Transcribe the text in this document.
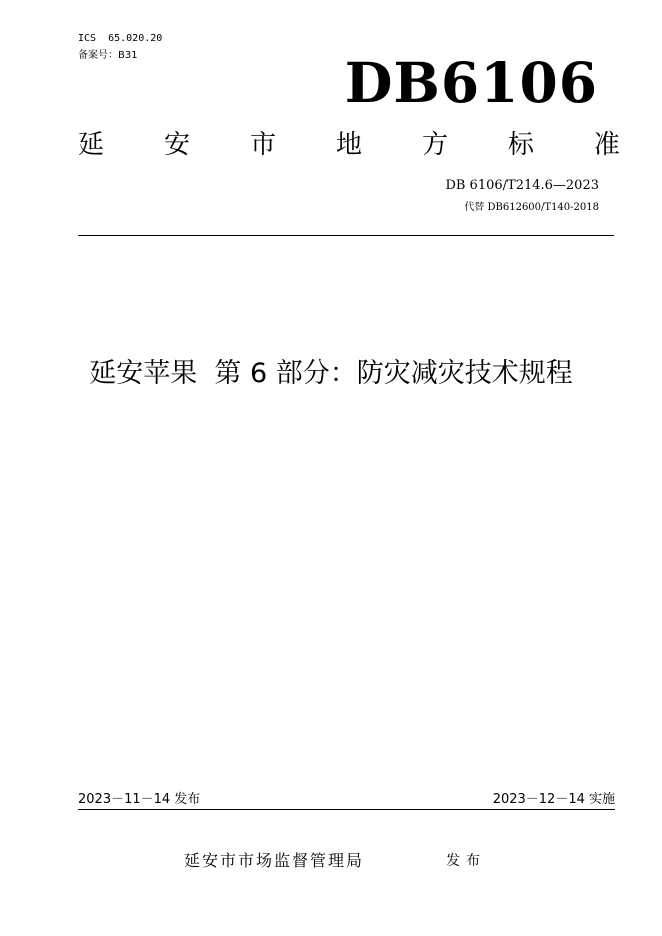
ICS  65.020.20
备案号：B31	DB6106
延 安 市 地 方 标 准
DB 6106/T214.6—2023
代替 DB612600/T140-2018
延安苹果  第 6 部分：防灾减灾技术规程
2023－11－14 发布	2023－12－14 实施
延安市市场监督管理局	发布
